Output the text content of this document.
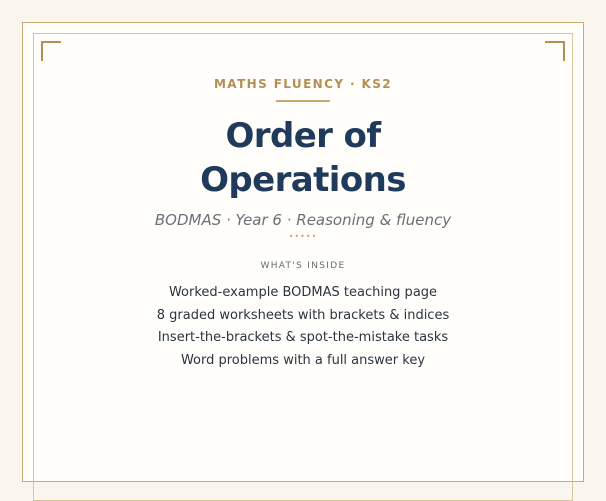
MATHS FLUENCY · KS2
Order of
Operations
BODMAS · Year 6 · Reasoning & fluency
•••••
WHAT'S INSIDE
Worked-example BODMAS teaching page
8 graded worksheets with brackets & indices
Insert-the-brackets & spot-the-mistake tasks
Word problems with a full answer key
